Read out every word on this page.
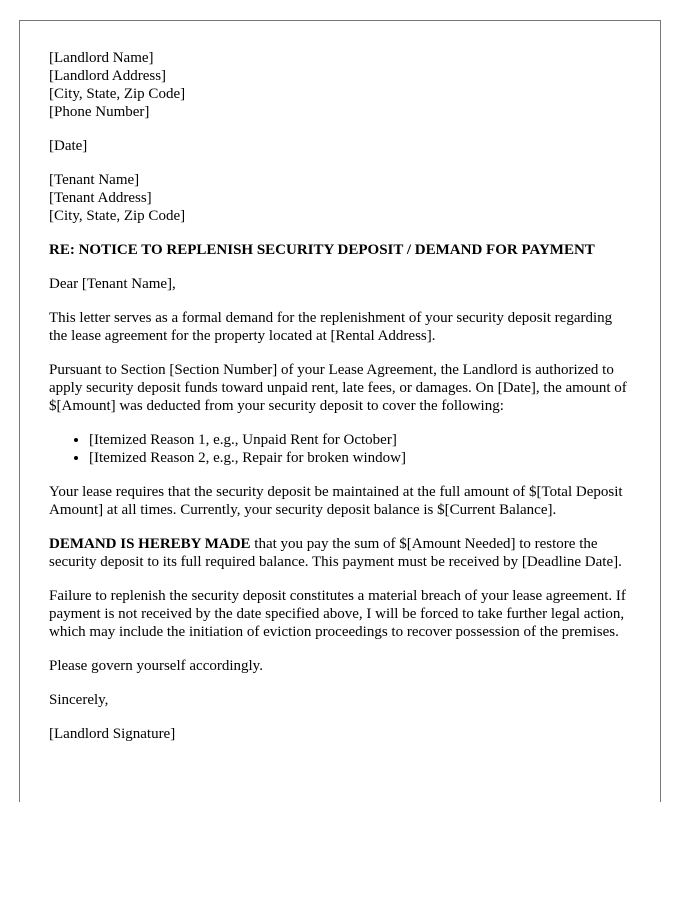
[Landlord Name]
[Landlord Address]
[City, State, Zip Code]
[Phone Number]
[Date]
[Tenant Name]
[Tenant Address]
[City, State, Zip Code]
RE: NOTICE TO REPLENISH SECURITY DEPOSIT / DEMAND FOR PAYMENT

Dear [Tenant Name],

This letter serves as a formal demand for the replenishment of your security deposit regarding the lease agreement for the property located at [Rental Address].

Pursuant to Section [Section Number] of your Lease Agreement, the Landlord is authorized to apply security deposit funds toward unpaid rent, late fees, or damages. On [Date], the amount of $[Amount] was deducted from your security deposit to cover the following:

• [Itemized Reason 1, e.g., Unpaid Rent for October]
• [Itemized Reason 2, e.g., Repair for broken window]

Your lease requires that the security deposit be maintained at the full amount of $[Total Deposit Amount] at all times. Currently, your security deposit balance is $[Current Balance].

DEMAND IS HEREBY MADE that you pay the sum of $[Amount Needed] to restore the security deposit to its full required balance. This payment must be received by [Deadline Date].

Failure to replenish the security deposit constitutes a material breach of your lease agreement. If payment is not received by the date specified above, I will be forced to take further legal action, which may include the initiation of eviction proceedings to recover possession of the premises.

Please govern yourself accordingly.

Sincerely,

[Landlord Signature]
